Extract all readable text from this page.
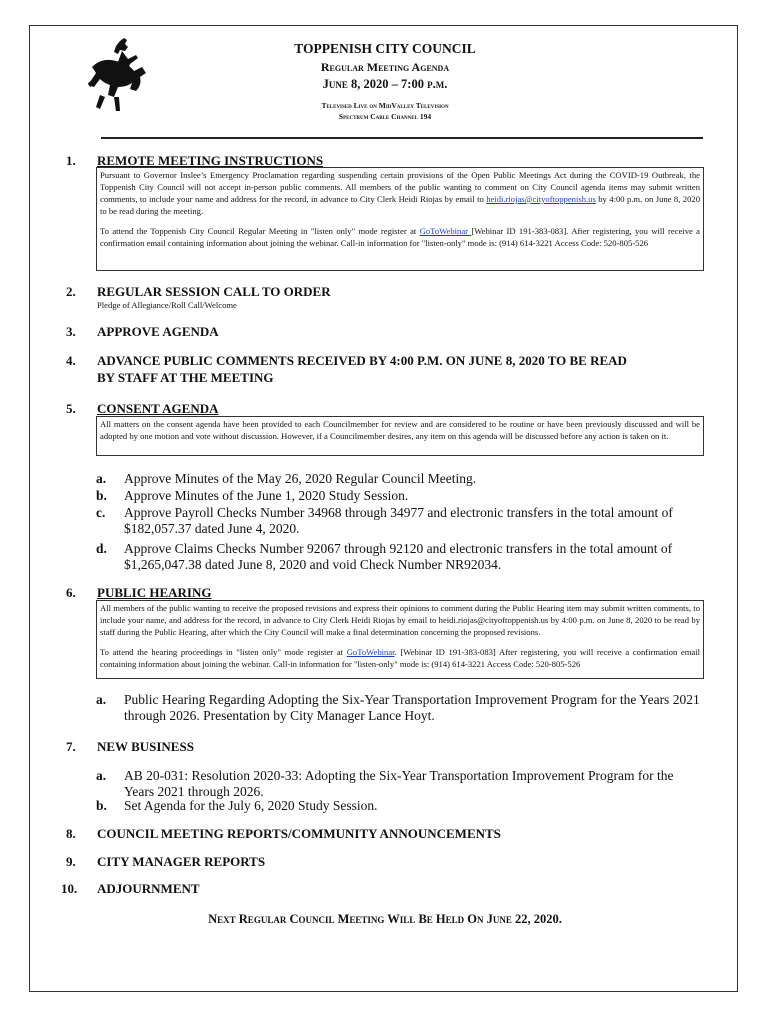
TOPPENISH CITY COUNCIL
Regular Meeting Agenda
June 8, 2020 – 7:00 p.m.
Televised Live on MidValley Television
Spectrum Cable Channel 194
1. REMOTE MEETING INSTRUCTIONS

Pursuant to Governor Inslee’s Emergency Proclamation regarding suspending certain provisions of the Open Public Meetings Act during the COVID-19 Outbreak, the Toppenish City Council will not accept in-person public comments. All members of the public wanting to comment on City Council agenda items may submit written comments, to include your name and address for the record, in advance to City Clerk Heidi Riojas by email to heidi.riojas@cityoftoppenish.us by 4:00 p.m. on June 8, 2020 to be read during the meeting.

To attend the Toppenish City Council Regular Meeting in "listen only" mode register at GoToWebinar [Webinar ID 191-383-083]. After registering, you will receive a confirmation email containing information about joining the webinar. Call-in information for "listen-only" mode is: (914) 614-3221 Access Code: 520-805-526

2. REGULAR SESSION CALL TO ORDER
Pledge of Allegiance/Roll Call/Welcome
3. APPROVE AGENDA
4. ADVANCE PUBLIC COMMENTS RECEIVED BY 4:00 P.M. ON JUNE 8, 2020 TO BE READ
BY STAFF AT THE MEETING
5. CONSENT AGENDA

All matters on the consent agenda have been provided to each Councilmember for review and are considered to be routine or have been previously discussed and will be adopted by one motion and vote without discussion. However, if a Councilmember desires, any item on this agenda will be discussed before any action is taken on it.

a. Approve Minutes of the May 26, 2020 Regular Council Meeting.
b. Approve Minutes of the June 1, 2020 Study Session.
c. Approve Payroll Checks Number 34968 through 34977 and electronic transfers in the total amount of $182,057.37 dated June 4, 2020.
d. Approve Claims Checks Number 92067 through 92120 and electronic transfers in the total amount of $1,265,047.38 dated June 8, 2020 and void Check Number NR92034.
6. PUBLIC HEARING

All members of the public wanting to receive the proposed revisions and express their opinions to comment during the Public Hearing item may submit written comments, to include your name, and address for the record, in advance to City Clerk Heidi Riojas by email to heidi.riojas@cityoftoppenish.us by 4:00 p.m. on June 8, 2020 to be read by staff during the Public Hearing, after which the City Council will make a final determination concerning the proposed revisions.

To attend the hearing proceedings in "listen only" mode register at GoToWebinar. [Webinar ID 191-383-083] After registering, you will receive a confirmation email containing information about joining the webinar. Call-in information for "listen-only" mode is: (914) 614-3221 Access Code: 520-805-526

a. Public Hearing Regarding Adopting the Six-Year Transportation Improvement Program for the Years 2021 through 2026. Presentation by City Manager Lance Hoyt.
7. NEW BUSINESS
a. AB 20-031: Resolution 2020-33: Adopting the Six-Year Transportation Improvement Program for the Years 2021 through 2026.
b. Set Agenda for the July 6, 2020 Study Session.
8. COUNCIL MEETING REPORTS/COMMUNITY ANNOUNCEMENTS
9. CITY MANAGER REPORTS
10. ADJOURNMENT
Next Regular Council Meeting Will Be Held On June 22, 2020.
